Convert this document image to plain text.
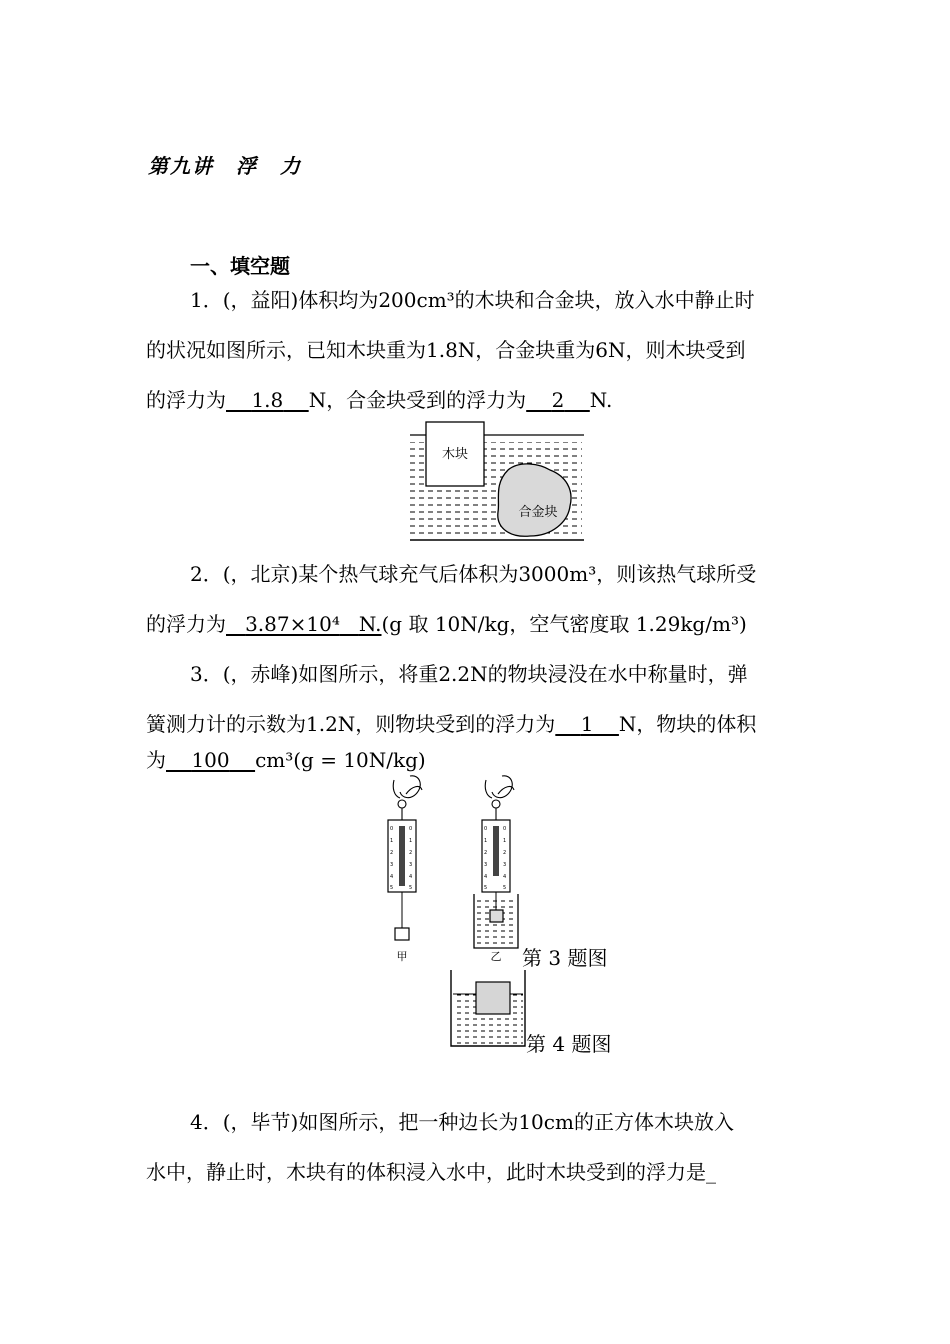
第九讲 浮 力
一、填空题
1．(，益阳)体积均为200cm³的木块和合金块，放入水中静止时
的状况如图所示，已知木块重为1.8N，合金块重为6N，则木块受到
的浮力为 1.8 N，合金块受到的浮力为 2 N.
木块
合金块
2．(，北京)某个热气球充气后体积为3000m³，则该热气球所受
的浮力为 3.87×10⁴ N.(g 取 10N/kg，空气密度取 1.29kg/m³)
3．(，赤峰)如图所示，将重2.2N的物块浸没在水中称量时，弹
簧测力计的示数为1.2N，则物块受到的浮力为 1 N，物块的体积
为 100 cm³(g = 10N/kg)
0
1
2
3
4
5
0
1
2
3
4
5
甲
0
1
2
3
4
5
0
1
2
3
4
5
乙 第 3 题图
第 4 题图
4．(，毕节)如图所示，把一种边长为10cm的正方体木块放入
水中，静止时，木块有的体积浸入水中，此时木块受到的浮力是_
